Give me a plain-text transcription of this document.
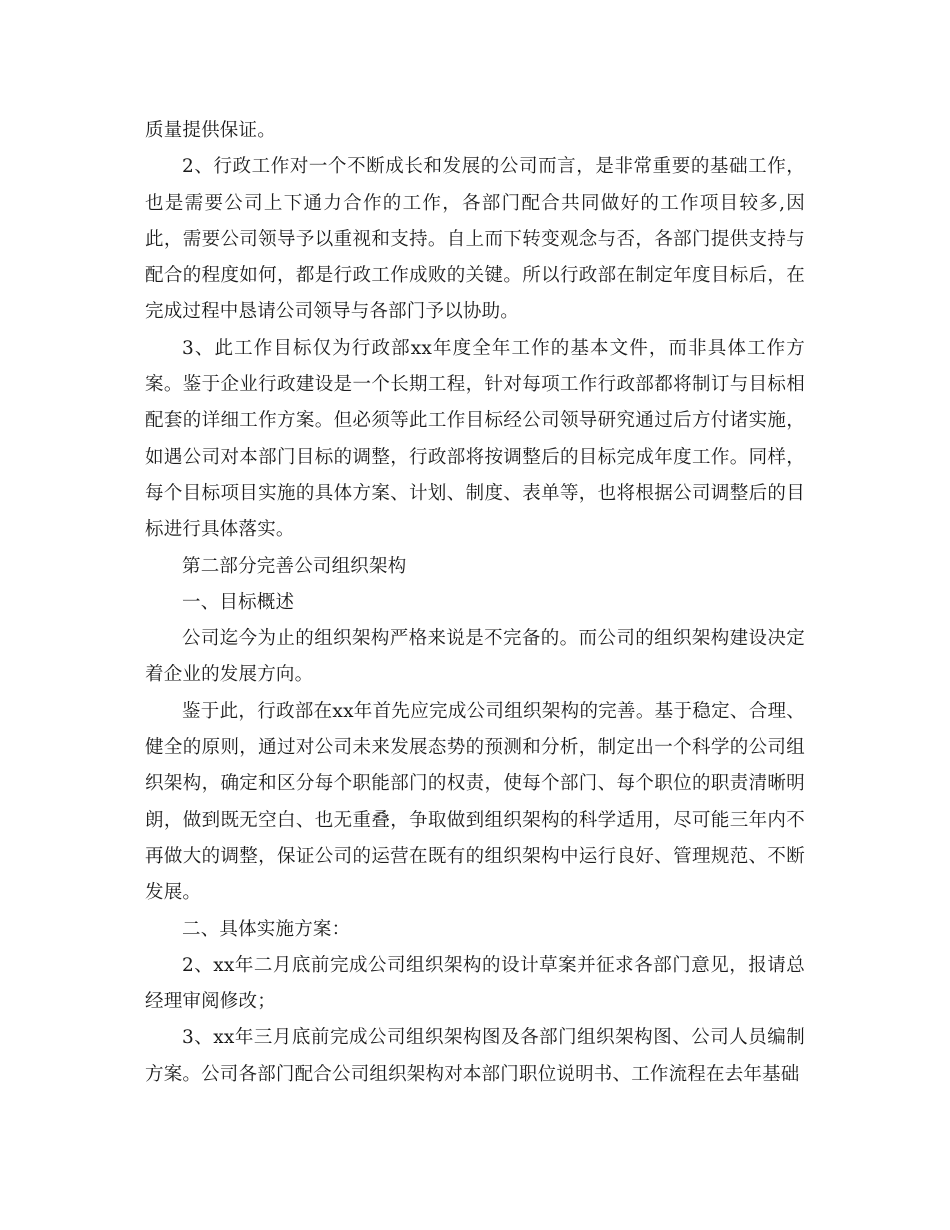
质量提供保证。

2、行政工作对一个不断成长和发展的公司而言，是非常重要的基础工作，也是需要公司上下通力合作的工作，各部门配合共同做好的工作项目较多,因此，需要公司领导予以重视和支持。自上而下转变观念与否，各部门提供支持与配合的程度如何，都是行政工作成败的关键。所以行政部在制定年度目标后，在完成过程中恳请公司领导与各部门予以协助。

3、此工作目标仅为行政部xx年度全年工作的基本文件，而非具体工作方案。鉴于企业行政建设是一个长期工程，针对每项工作行政部都将制订与目标相配套的详细工作方案。但必须等此工作目标经公司领导研究通过后方付诸实施，如遇公司对本部门目标的调整，行政部将按调整后的目标完成年度工作。同样，每个目标项目实施的具体方案、计划、制度、表单等，也将根据公司调整后的目标进行具体落实。

第二部分完善公司组织架构

一、目标概述

公司迄今为止的组织架构严格来说是不完备的。而公司的组织架构建设决定着企业的发展方向。

鉴于此，行政部在xx年首先应完成公司组织架构的完善。基于稳定、合理、健全的原则，通过对公司未来发展态势的预测和分析，制定出一个科学的公司组织架构，确定和区分每个职能部门的权责，使每个部门、每个职位的职责清晰明朗，做到既无空白、也无重叠，争取做到组织架构的科学适用，尽可能三年内不再做大的调整，保证公司的运营在既有的组织架构中运行良好、管理规范、不断发展。

二、具体实施方案：

2、xx年二月底前完成公司组织架构的设计草案并征求各部门意见，报请总经理审阅修改；

3、xx年三月底前完成公司组织架构图及各部门组织架构图、公司人员编制方案。公司各部门配合公司组织架构对本部门职位说明书、工作流程在去年基础
